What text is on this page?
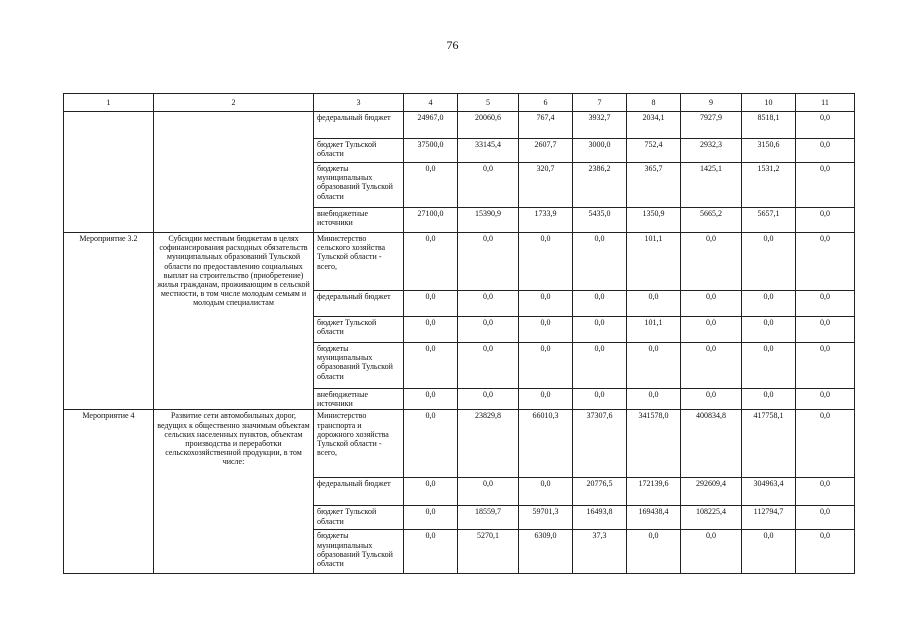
76
1	2	3	4	5	6	7	8	9	10	11
		федеральный бюджет	24967,0	20060,6	767,4	3932,7	2034,1	7927,9	8518,1	0,0
		бюджет Тульской области	37500,0	33145,4	2607,7	3000,0	752,4	2932,3	3150,6	0,0
		бюджеты муниципальных образований Тульской области	0,0	0,0	320,7	2386,2	365,7	1425,1	1531,2	0,0
		внебюджетные источники	27100,0	15390,9	1733,9	5435,0	1350,9	5665,2	5657,1	0,0
Мероприятие 3.2	Субсидии местным бюджетам в целях софинансирования расходных обязательств муниципальных образований Тульской области по предоставлению социальных выплат на строительство (приобретение) жилья гражданам, проживающим в сельской местности, в том числе молодым семьям и молодым специалистам	Министерство сельского хозяйства Тульской области - всего,	0,0	0,0	0,0	0,0	101,1	0,0	0,0	0,0
		федеральный бюджет	0,0	0,0	0,0	0,0	0,0	0,0	0,0	0,0
		бюджет Тульской области	0,0	0,0	0,0	0,0	101,1	0,0	0,0	0,0
		бюджеты муниципальных образований Тульской области	0,0	0,0	0,0	0,0	0,0	0,0	0,0	0,0
		внебюджетные источники	0,0	0,0	0,0	0,0	0,0	0,0	0,0	0,0
Мероприятие 4	Развитие сети автомобильных дорог, ведущих к общественно значимым объектам сельских населенных пунктов, объектам производства и переработки сельскохозяйственной продукции, в том числе:	Министерство транспорта и дорожного хозяйства Тульской области - всего,	0,0	23829,8	66010,3	37307,6	341578,0	400834,8	417758,1	0,0
		федеральный бюджет	0,0	0,0	0,0	20776,5	172139,6	292609,4	304963,4	0,0
		бюджет Тульской области	0,0	18559,7	59701,3	16493,8	169438,4	108225,4	112794,7	0,0
		бюджеты муниципальных образований Тульской области	0,0	5270,1	6309,0	37,3	0,0	0,0	0,0	0,0
